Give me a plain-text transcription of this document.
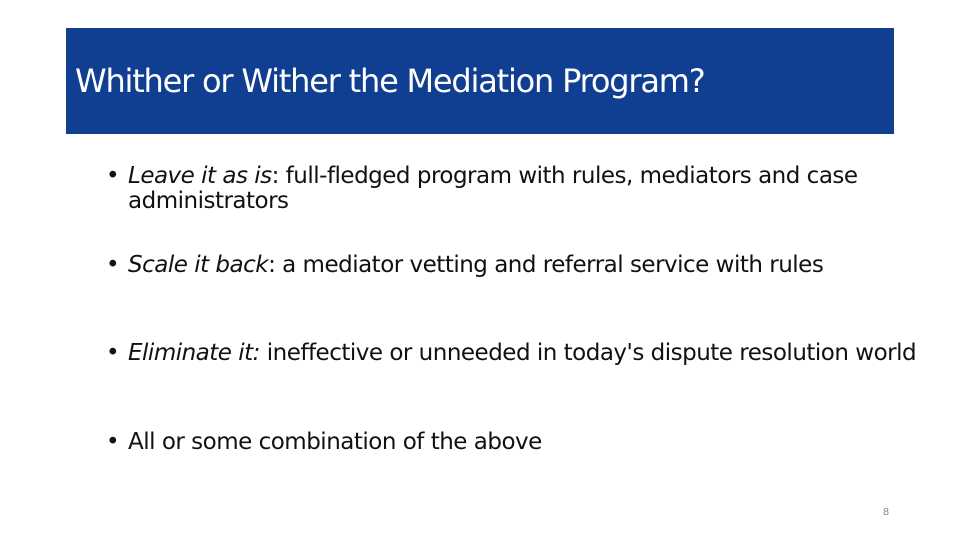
Whither or Wither the Mediation Program?
• Leave it as is: full-fledged program with rules, mediators and case administrators
• Scale it back: a mediator vetting and referral service with rules
• Eliminate it: ineffective or unneeded in today's dispute resolution world
• All or some combination of the above
8
